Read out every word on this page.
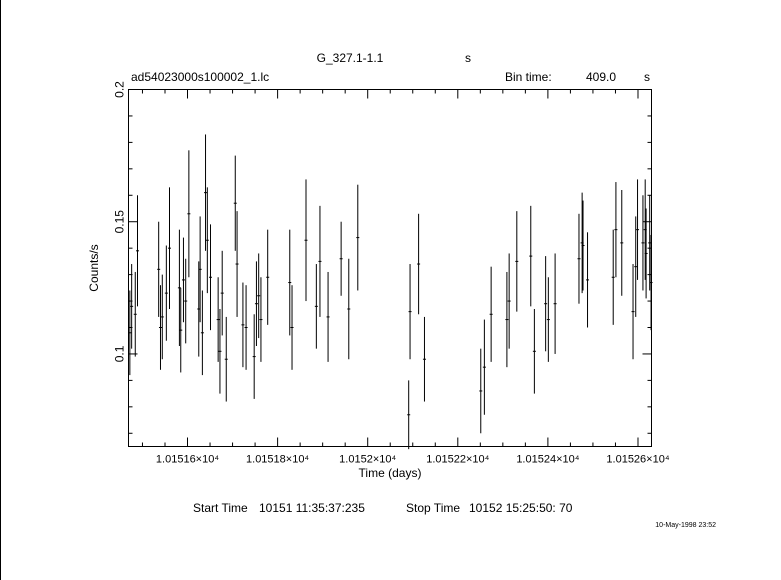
G_327.1-1.1	s
ad54023000s100002_1.lc	Bin time:	409.0 s
1.01516×10⁴ 1.01518×10⁴	1.0152×10⁴	1.01522×10⁴ 1.01524×10⁴ 1.01526×10⁴
0.1
0.15
0.2
Time (days)
Counts/s
Start Time 10151 11:35:37:235	Stop Time 10152 15:25:50: 70
10-May-1998 23:52
